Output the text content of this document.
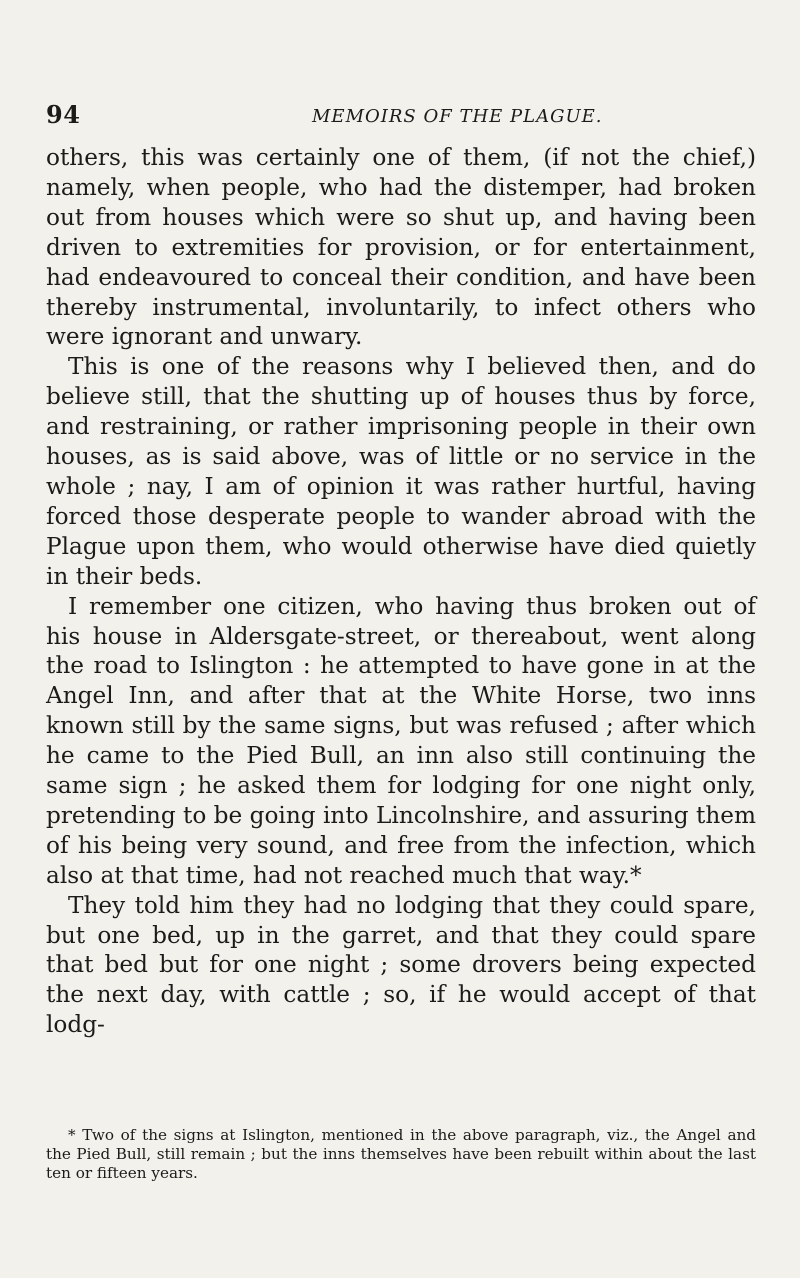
94	MEMOIRS OF THE PLAGUE.

others, this was certainly one of them, (if not the chief,) namely, when people, who had the distemper, had broken out from houses which were so shut up, and having been driven to extremities for provision, or for entertainment, had endeavoured to conceal their condition, and have been thereby instrumental, involuntarily, to infect others who were ignorant and unwary.

This is one of the reasons why I believed then, and do believe still, that the shutting up of houses thus by force, and restraining, or rather imprisoning people in their own houses, as is said above, was of little or no service in the whole ; nay, I am of opinion it was rather hurtful, having forced those desperate people to wander abroad with the Plague upon them, who would otherwise have died quietly in their beds.

I remember one citizen, who having thus broken out of his house in Aldersgate-street, or thereabout, went along the road to Islington : he attempted to have gone in at the Angel Inn, and after that at the White Horse, two inns known still by the same signs, but was refused ; after which he came to the Pied Bull, an inn also still continuing the same sign ; he asked them for lodging for one night only, pretending to be going into Lincolnshire, and assuring them of his being very sound, and free from the infection, which also at that time, had not reached much that way.*

They told him they had no lodging that they could spare, but one bed, up in the garret, and that they could spare that bed but for one night ; some drovers being expected the next day, with cattle ; so, if he would accept of that lodg-

* Two of the signs at Islington, mentioned in the above paragraph, viz., the Angel and the Pied Bull, still remain ; but the inns themselves have been rebuilt within about the last ten or fifteen years.
